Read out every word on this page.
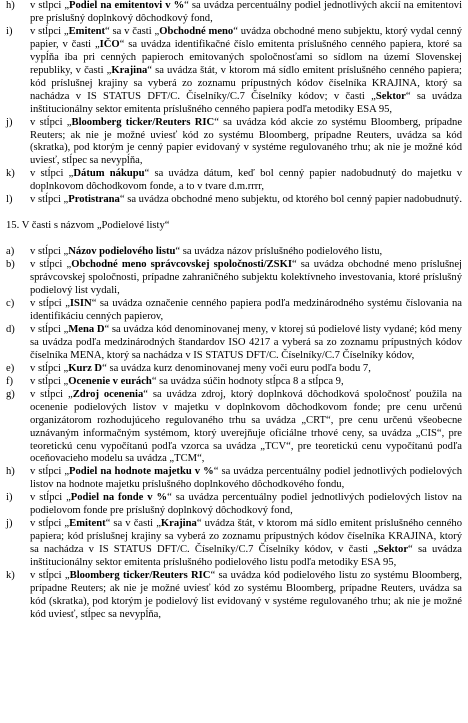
h) v stĺpci „Podiel na emitentovi v %“ sa uvádza percentuálny podiel jednotlivých akcií na emitentovi pre príslušný doplnkový dôchodkový fond,
i) v stĺpci „Emitent“ sa v časti „Obchodné meno“ uvádza obchodné meno subjektu, ktorý vydal cenný papier, v časti „IČO“ sa uvádza identifikačné číslo emitenta príslušného cenného papiera, ktoré sa vypĺňa iba pri cenných papieroch emitovaných spoločnosťami so sídlom na území Slovenskej republiky, v časti „Krajina“ sa uvádza štát, v ktorom má sídlo emitent príslušného cenného papiera; kód príslušnej krajiny sa vyberá zo zoznamu prípustných kódov číselníka KRAJINA, ktorý sa nachádza v IS STATUS DFT/C. Číselníky/C.7 Číselníky kódov; v časti „Sektor“ sa uvádza inštitucionálny sektor emitenta príslušného cenného papiera podľa metodiky ESA 95,
j) v stĺpci „Bloomberg ticker/Reuters RIC“ sa uvádza kód akcie zo systému Bloomberg, prípadne Reuters; ak nie je možné uviesť kód zo systému Bloomberg, prípadne Reuters, uvádza sa kód (skratka), pod ktorým je cenný papier evidovaný v systéme regulovaného trhu; ak nie je možné kód uviesť, stĺpec sa nevypĺňa,
k) v stĺpci „Dátum nákupu“ sa uvádza dátum, keď bol cenný papier nadobudnutý do majetku v doplnkovom dôchodkovom fonde, a to v tvare d.m.rrrr,
l) v stĺpci „Protistrana“ sa uvádza obchodné meno subjektu, od ktorého bol cenný papier nadobudnutý.
15. V časti s názvom „Podielové listy“
a) v stĺpci „Názov podielového listu“ sa uvádza názov príslušného podielového listu,
b) v stĺpci „Obchodné meno správcovskej spoločnosti/ZSKI“ sa uvádza obchodné meno príslušnej správcovskej spoločnosti, prípadne zahraničného subjektu kolektívneho investovania, ktoré príslušný podielový list vydali,
c) v stĺpci „ISIN“ sa uvádza označenie cenného papiera podľa medzinárodného systému číslovania na identifikáciu cenných papierov,
d) v stĺpci „Mena D“ sa uvádza kód denominovanej meny, v ktorej sú podielové listy vydané; kód meny sa uvádza podľa medzinárodných štandardov ISO 4217 a vyberá sa zo zoznamu prípustných kódov číselníka MENA, ktorý sa nachádza v IS STATUS DFT/C. Číselníky/C.7 Číselníky kódov,
e) v stĺpci „Kurz D“ sa uvádza kurz denominovanej meny voči euru podľa bodu 7,
f) v stĺpci „Ocenenie v eurách“ sa uvádza súčin hodnoty stĺpca 8 a stĺpca 9,
g) v stĺpci „Zdroj ocenenia“ sa uvádza zdroj, ktorý doplnková dôchodková spoločnosť použila na ocenenie podielových listov v majetku v doplnkovom dôchodkovom fonde; pre cenu určenú organizátorom rozhodujúceho regulovaného trhu sa uvádza „CRT“, pre cenu určenú všeobecne uznávaným informačným systémom, ktorý uverejňuje oficiálne trhové ceny, sa uvádza „CIS“, pre teoretickú cenu vypočítanú podľa vzorca sa uvádza „TCV“, pre teoretickú cenu vypočítanú podľa oceňovacieho modelu sa uvádza „TCM“,
h) v stĺpci „Podiel na hodnote majetku v %“ sa uvádza percentuálny podiel jednotlivých podielových listov na hodnote majetku príslušného doplnkového dôchodkového fondu,
i) v stĺpci „Podiel na fonde v %“ sa uvádza percentuálny podiel jednotlivých podielových listov na podielovom fonde pre príslušný doplnkový dôchodkový fond,
j) v stĺpci „Emitent“ sa v časti „Krajina“ uvádza štát, v ktorom má sídlo emitent príslušného cenného papiera; kód príslušnej krajiny sa vyberá zo zoznamu prípustných kódov číselníka KRAJINA, ktorý sa nachádza v IS STATUS DFT/C. Číselníky/C.7 Číselníky kódov, v časti „Sektor“ sa uvádza inštitucionálny sektor emitenta príslušného podielového listu podľa metodiky ESA 95,
k) v stĺpci „Bloomberg ticker/Reuters RIC“ sa uvádza kód podielového listu zo systému Bloomberg, prípadne Reuters; ak nie je možné uviesť kód zo systému Bloomberg, prípadne Reuters, uvádza sa kód (skratka), pod ktorým je podielový list evidovaný v systéme regulovaného trhu; ak nie je možné kód uviesť, stĺpec sa nevypĺňa,
